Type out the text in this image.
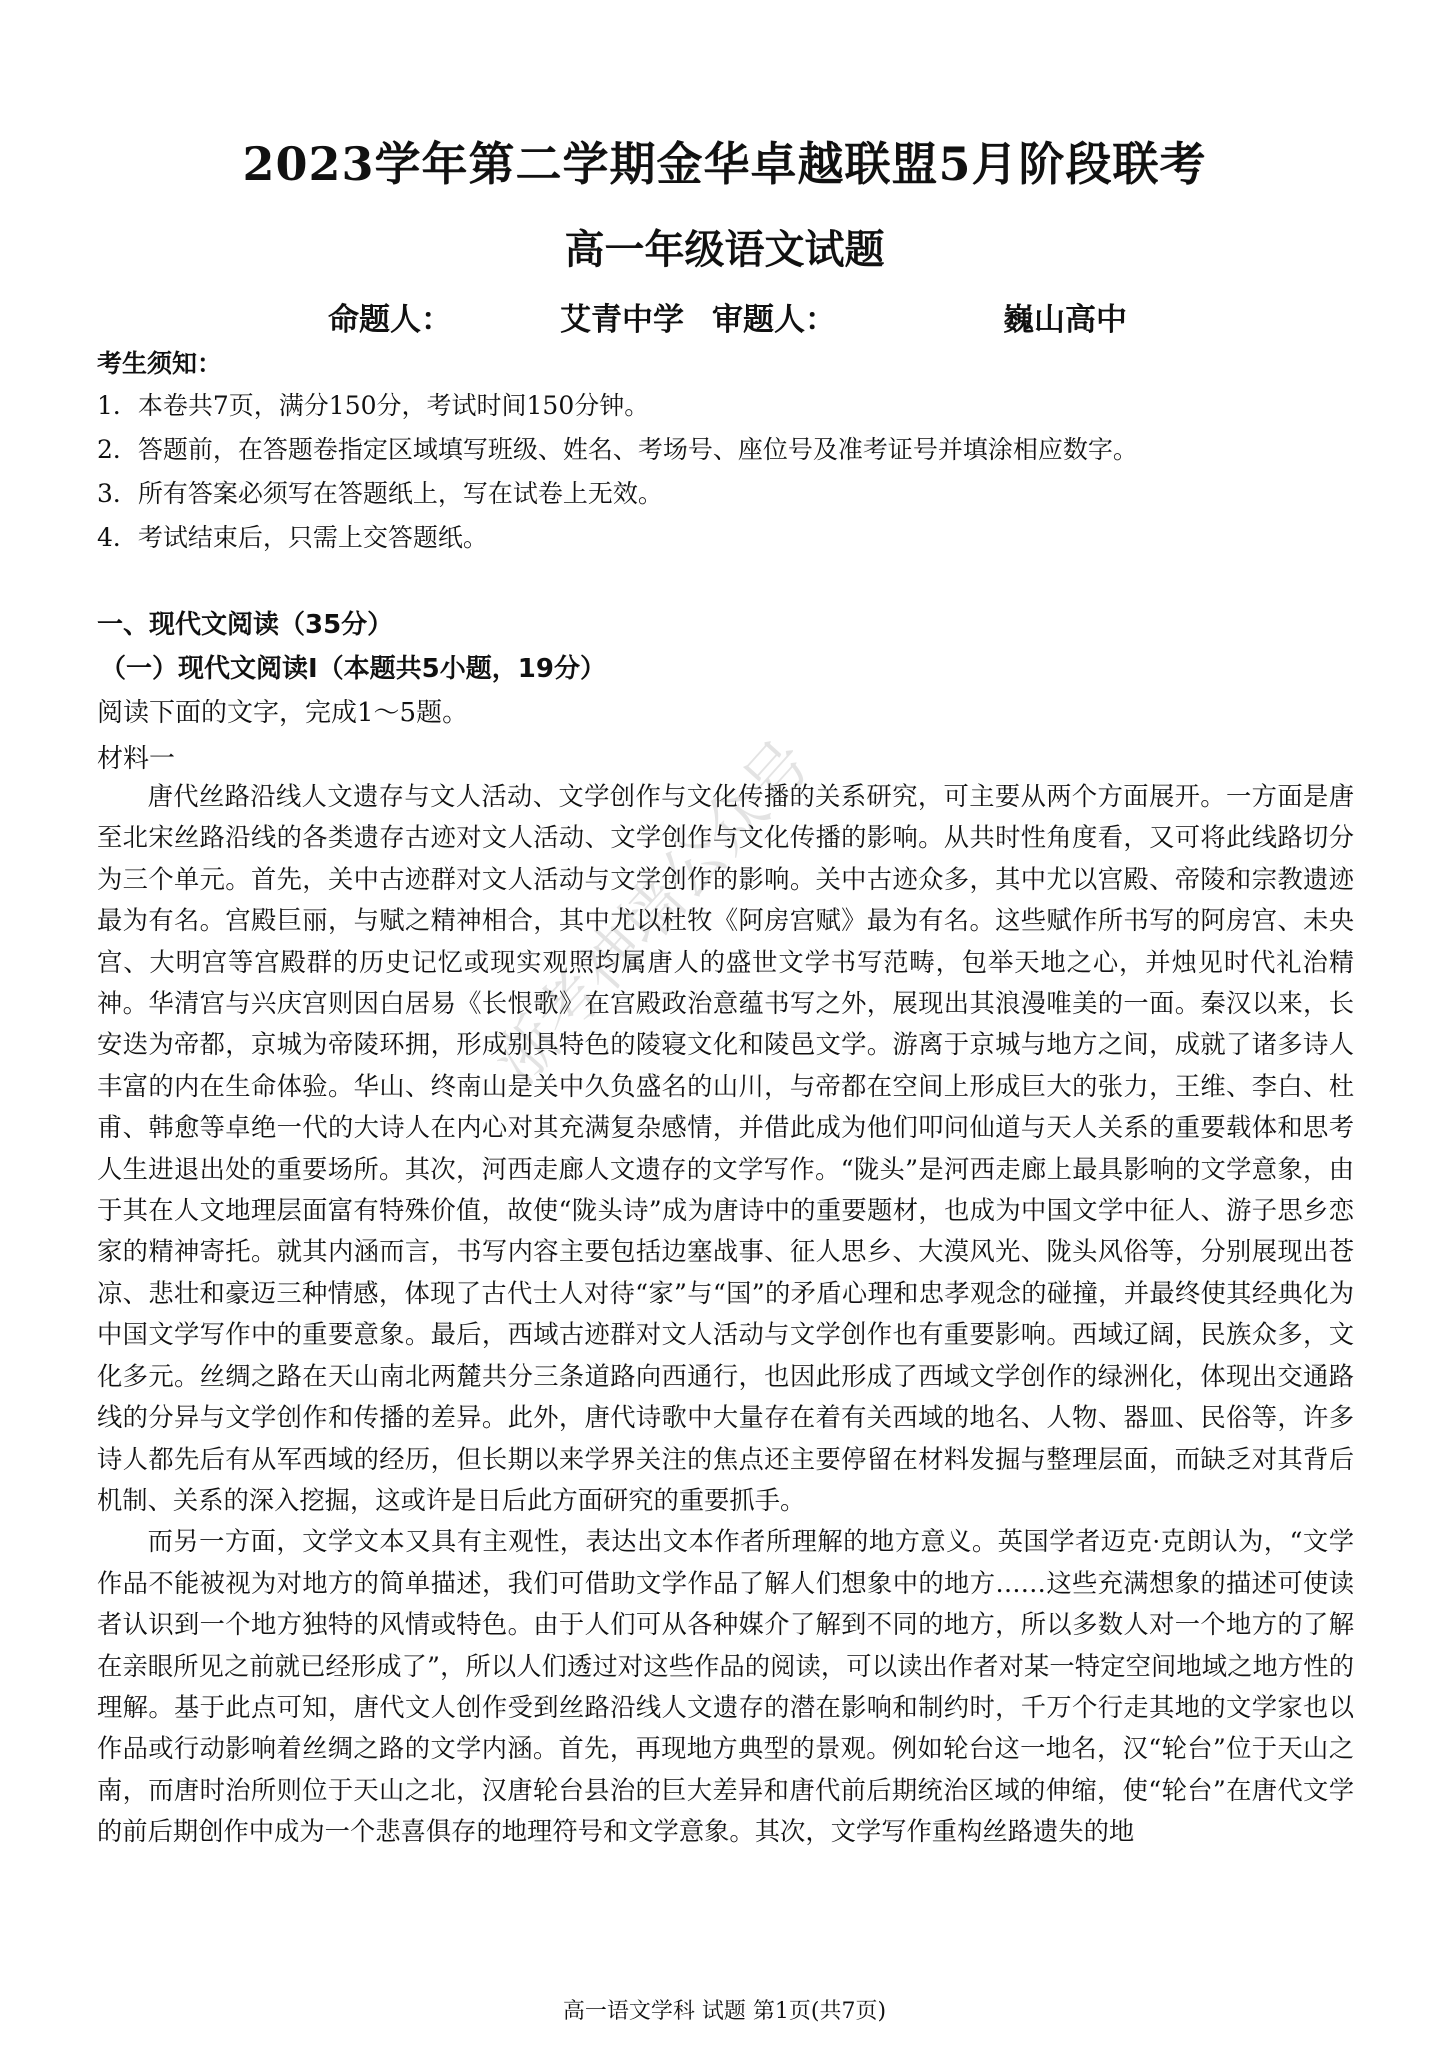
2023学年第二学期金华卓越联盟5月阶段联考
高一年级语文试题
命题人：	艾青中学 审题人：	巍山高中
考生须知：
1．本卷共7页，满分150分，考试时间150分钟。
2．答题前，在答题卷指定区域填写班级、姓名、考场号、座位号及准考证号并填涂相应数字。
3．所有答案必须写在答题纸上，写在试卷上无效。
4．考试结束后，只需上交答题纸。
一、现代文阅读（35分）
（一）现代文阅读Ⅰ（本题共5小题，19分）
阅读下面的文字，完成1～5题。
材料一

唐代丝路沿线人文遗存与文人活动、文学创作与文化传播的关系研究，可主要从两个方面展开。一方面是唐至北宋丝路沿线的各类遗存古迹对文人活动、文学创作与文化传播的影响。从共时性角度看，又可将此线路切分为三个单元。首先，关中古迹群对文人活动与文学创作的影响。关中古迹众多，其中尤以宫殿、帝陵和宗教遗迹最为有名。宫殿巨丽，与赋之精神相合，其中尤以杜牧《阿房宫赋》最为有名。这些赋作所书写的阿房宫、未央宫、大明宫等宫殿群的历史记忆或现实观照均属唐人的盛世文学书写范畴，包举天地之心，并烛见时代礼治精神。华清宫与兴庆宫则因白居易《长恨歌》在宫殿政治意蕴书写之外，展现出其浪漫唯美的一面。秦汉以来，长安迭为帝都，京城为帝陵环拥，形成别具特色的陵寝文化和陵邑文学。游离于京城与地方之间，成就了诸多诗人丰富的内在生命体验。华山、终南山是关中久负盛名的山川，与帝都在空间上形成巨大的张力，王维、李白、杜甫、韩愈等卓绝一代的大诗人在内心对其充满复杂感情，并借此成为他们叩问仙道与天人关系的重要载体和思考人生进退出处的重要场所。其次，河西走廊人文遗存的文学写作。“陇头”是河西走廊上最具影响的文学意象，由于其在人文地理层面富有特殊价值，故使“陇头诗”成为唐诗中的重要题材，也成为中国文学中征人、游子思乡恋家的精神寄托。就其内涵而言，书写内容主要包括边塞战事、征人思乡、大漠风光、陇头风俗等，分别展现出苍凉、悲壮和豪迈三种情感，体现了古代士人对待“家”与“国”的矛盾心理和忠孝观念的碰撞，并最终使其经典化为中国文学写作中的重要意象。最后，西域古迹群对文人活动与文学创作也有重要影响。西域辽阔，民族众多，文化多元。丝绸之路在天山南北两麓共分三条道路向西通行，也因此形成了西域文学创作的绿洲化，体现出交通路线的分异与文学创作和传播的差异。此外，唐代诗歌中大量存在着有关西域的地名、人物、器皿、民俗等，许多诗人都先后有从军西域的经历，但长期以来学界关注的焦点还主要停留在材料发掘与整理层面，而缺乏对其背后机制、关系的深入挖掘，这或许是日后此方面研究的重要抓手。

而另一方面，文学文本又具有主观性，表达出文本作者所理解的地方意义。英国学者迈克·克朗认为，“文学作品不能被视为对地方的简单描述，我们可借助文学作品了解人们想象中的地方……这些充满想象的描述可使读者认识到一个地方独特的风情或特色。由于人们可从各种媒介了解到不同的地方，所以多数人对一个地方的了解在亲眼所见之前就已经形成了”，所以人们透过对这些作品的阅读，可以读出作者对某一特定空间地域之地方性的理解。基于此点可知，唐代文人创作受到丝路沿线人文遗存的潜在影响和制约时，千万个行走其地的文学家也以作品或行动影响着丝绸之路的文学内涵。首先，再现地方典型的景观。例如轮台这一地名，汉“轮台”位于天山之南，而唐时治所则位于天山之北，汉唐轮台县治的巨大差异和唐代前后期统治区域的伸缩，使“轮台”在唐代文学的前后期创作中成为一个悲喜俱存的地理符号和文学意象。其次，文学写作重构丝路遗失的地

浙考神墙公众号
高一语文学科 试题 第1页(共7页)
